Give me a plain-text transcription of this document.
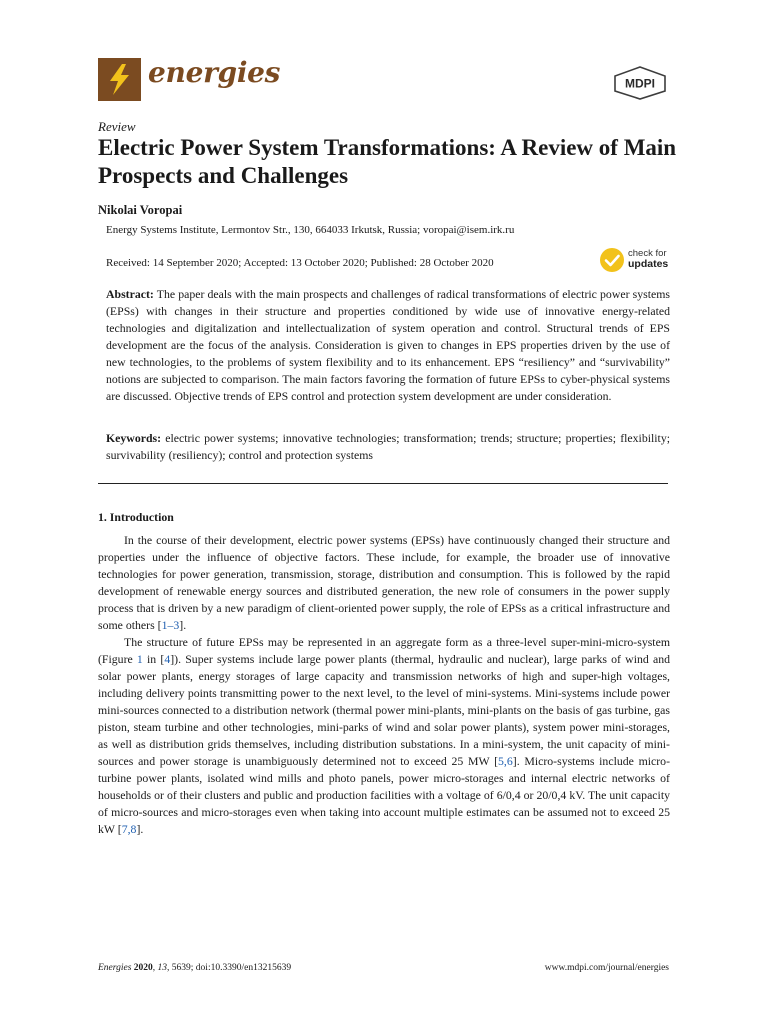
energies	MDPI
Review
Electric Power System Transformations: A Review of Main Prospects and Challenges
Nikolai Voropai
Energy Systems Institute, Lermontov Str., 130, 664033 Irkutsk, Russia; voropai@isem.irk.ru
Received: 14 September 2020; Accepted: 13 October 2020; Published: 28 October 2020
check for
updates
Abstract: The paper deals with the main prospects and challenges of radical transformations of electric power systems (EPSs) with changes in their structure and properties conditioned by wide use of innovative energy-related technologies and digitalization and intellectualization of system operation and control. Structural trends of EPS development are the focus of the analysis. Consideration is given to changes in EPS properties driven by the use of new technologies, to the problems of system flexibility and to its enhancement. EPS “resiliency” and “survivability” notions are subjected to comparison. The main factors favoring the formation of future EPSs to cyber-physical systems are discussed. Objective trends of EPS control and protection system development are under consideration.
Keywords: electric power systems; innovative technologies; transformation; trends; structure; properties; flexibility; survivability (resiliency); control and protection systems
1. Introduction

In the course of their development, electric power systems (EPSs) have continuously changed their structure and properties under the influence of objective factors. These include, for example, the broader use of innovative technologies for power generation, transmission, storage, distribution and consumption. This is followed by the rapid development of renewable energy sources and distributed generation, the new role of consumers in the power supply process that is driven by a new paradigm of client-oriented power supply, the role of EPSs as a critical infrastructure and some others [1–3].

The structure of future EPSs may be represented in an aggregate form as a three-level super-mini-micro-system (Figure 1 in [4]). Super systems include large power plants (thermal, hydraulic and nuclear), large parks of wind and solar power plants, energy storages of large capacity and transmission networks of high and super-high voltages, including delivery points transmitting power to the next level, to the level of mini-systems. Mini-systems include power mini-sources connected to a distribution network (thermal power mini-plants, mini-plants on the basis of gas turbine, gas piston, steam turbine and other technologies, mini-parks of wind and solar power plants), system power mini-storages, as well as distribution grids themselves, including distribution substations. In a mini-system, the unit capacity of mini-sources and power storage is unambiguously determined not to exceed 25 MW [5,6]. Micro-systems include micro-turbine power plants, isolated wind mills and photo panels, power micro-storages and internal electric networks of households or of their clusters and public and production facilities with a voltage of 6/0,4 or 20/0,4 kV. The unit capacity of micro-sources and micro-storages even when taking into account multiple estimates can be assumed not to exceed 25 kW [7,8].

Energies 2020, 13, 5639; doi:10.3390/en13215639	www.mdpi.com/journal/energies
